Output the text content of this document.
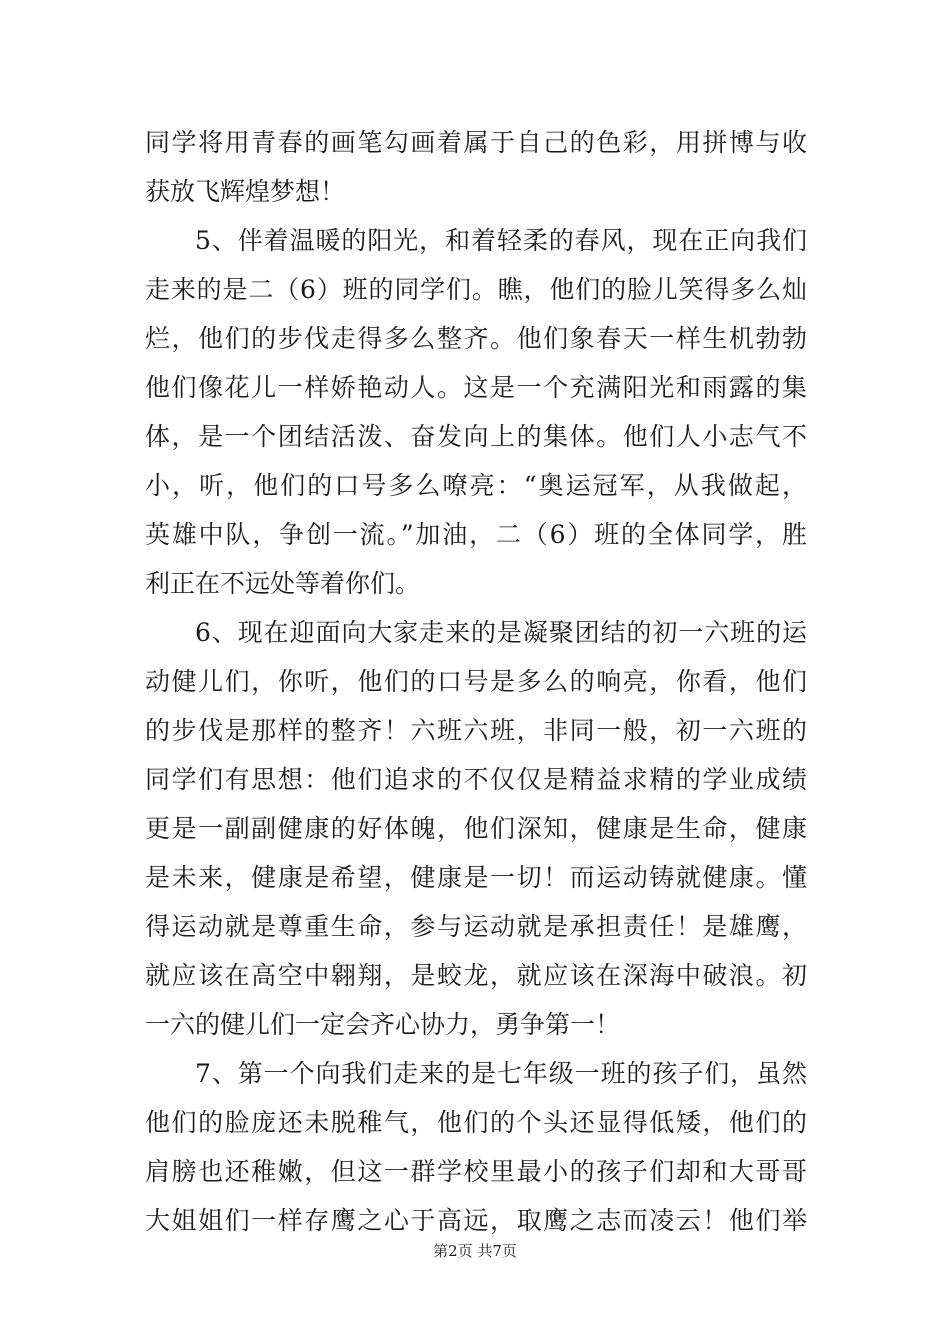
同学将用青春的画笔勾画着属于自己的色彩，用拼博与收
获放飞辉煌梦想！
5、伴着温暖的阳光，和着轻柔的春风，现在正向我们
走来的是二（6）班的同学们。瞧，他们的脸儿笑得多么灿
烂，他们的步伐走得多么整齐。他们象春天一样生机勃勃
他们像花儿一样娇艳动人。这是一个充满阳光和雨露的集
体，是一个团结活泼、奋发向上的集体。他们人小志气不
小，听，他们的口号多么嘹亮：“奥运冠军，从我做起，
英雄中队，争创一流。”加油，二（6）班的全体同学，胜
利正在不远处等着你们。
6、现在迎面向大家走来的是凝聚团结的初一六班的运
动健儿们，你听，他们的口号是多么的响亮，你看，他们
的步伐是那样的整齐！六班六班，非同一般，初一六班的
同学们有思想：他们追求的不仅仅是精益求精的学业成绩
更是一副副健康的好体魄，他们深知，健康是生命，健康
是未来，健康是希望，健康是一切！而运动铸就健康。懂
得运动就是尊重生命，参与运动就是承担责任！是雄鹰，
就应该在高空中翱翔，是蛟龙，就应该在深海中破浪。初
一六的健儿们一定会齐心协力，勇争第一！
7、第一个向我们走来的是七年级一班的孩子们，虽然
他们的脸庞还未脱稚气，他们的个头还显得低矮，他们的
肩膀也还稚嫩，但这一群学校里最小的孩子们却和大哥哥
大姐姐们一样存鹰之心于高远，取鹰之志而凌云！他们举
第2页 共7页
